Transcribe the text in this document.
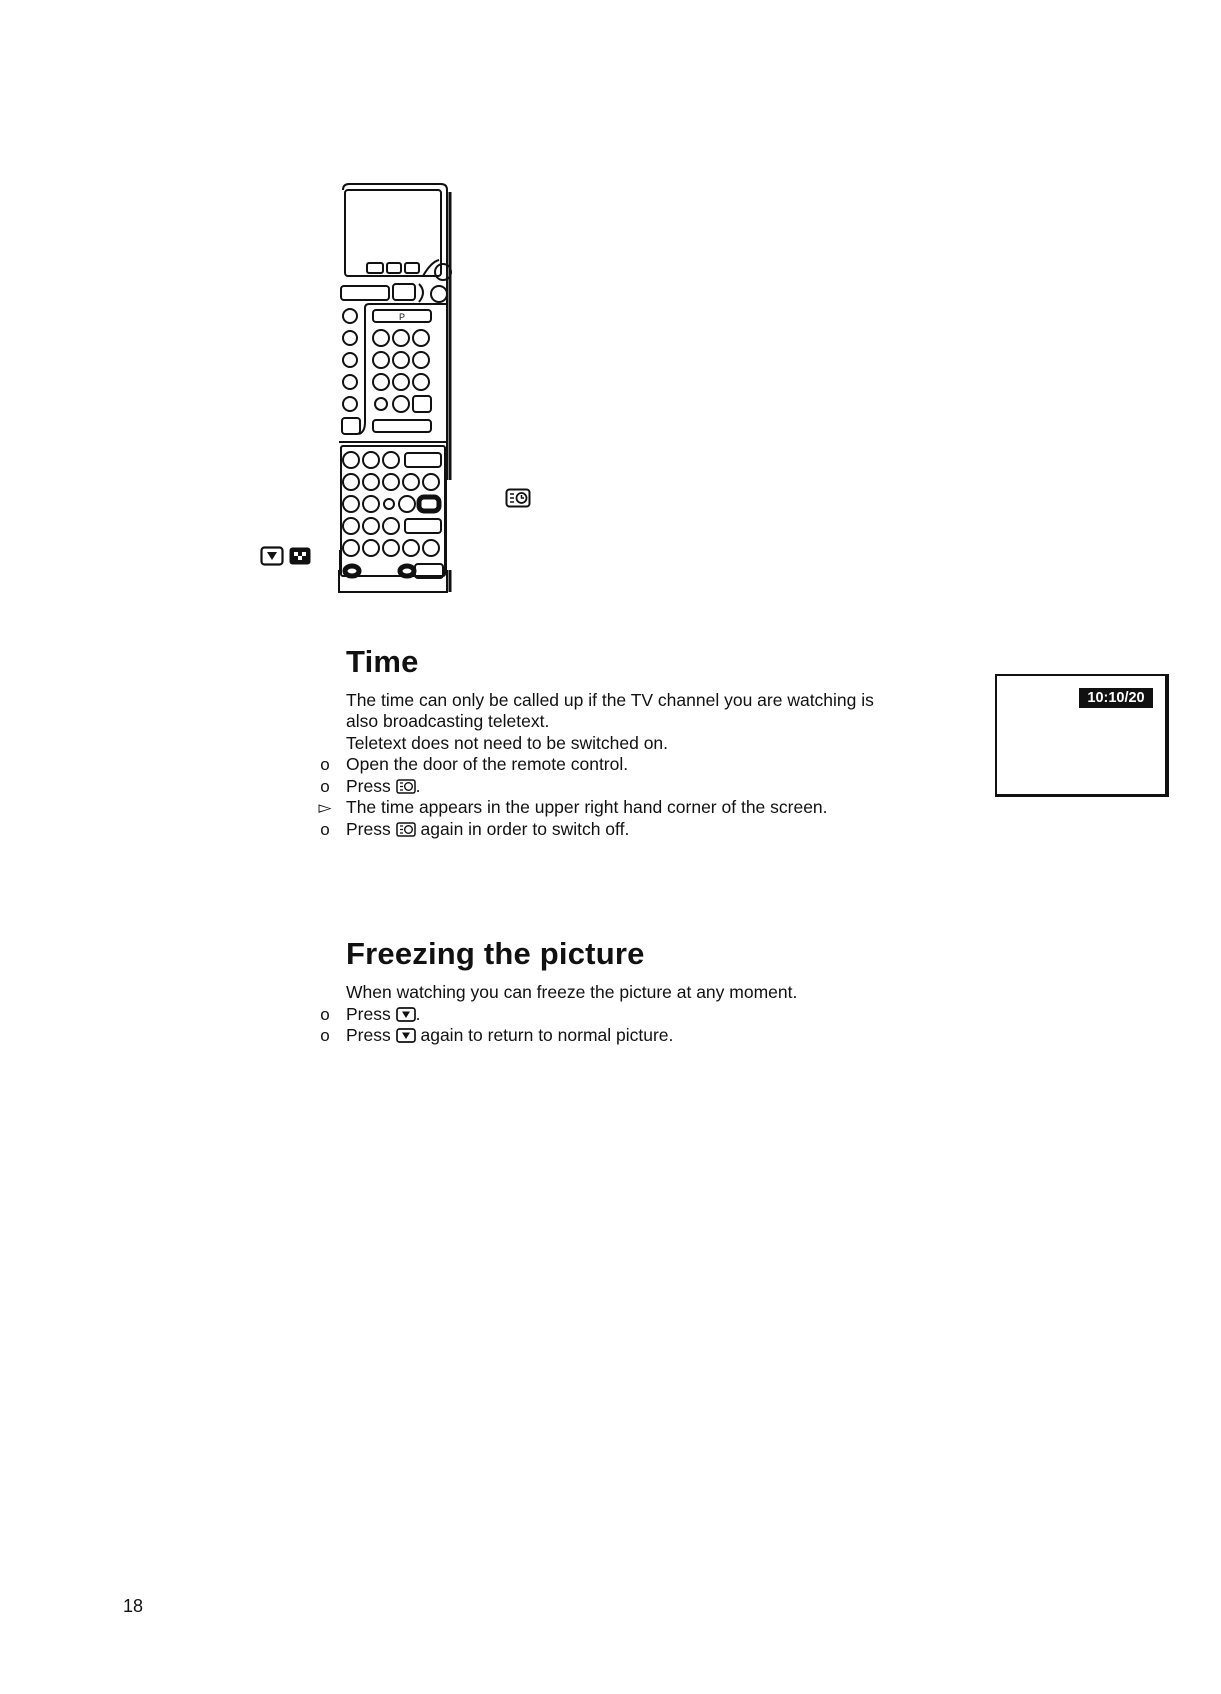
P
Time
The time can only be called up if the TV channel you are watching is
also broadcasting teletext.
Teletext does not need to be switched on.
o Open the door of the remote control.
o Press .
▻ The time appears in the upper right hand corner of the screen.
o Press again in order to switch off.
10:10/20
Freezing the picture
When watching you can freeze the picture at any moment.
o Press .
o Press again to return to normal picture.
18
